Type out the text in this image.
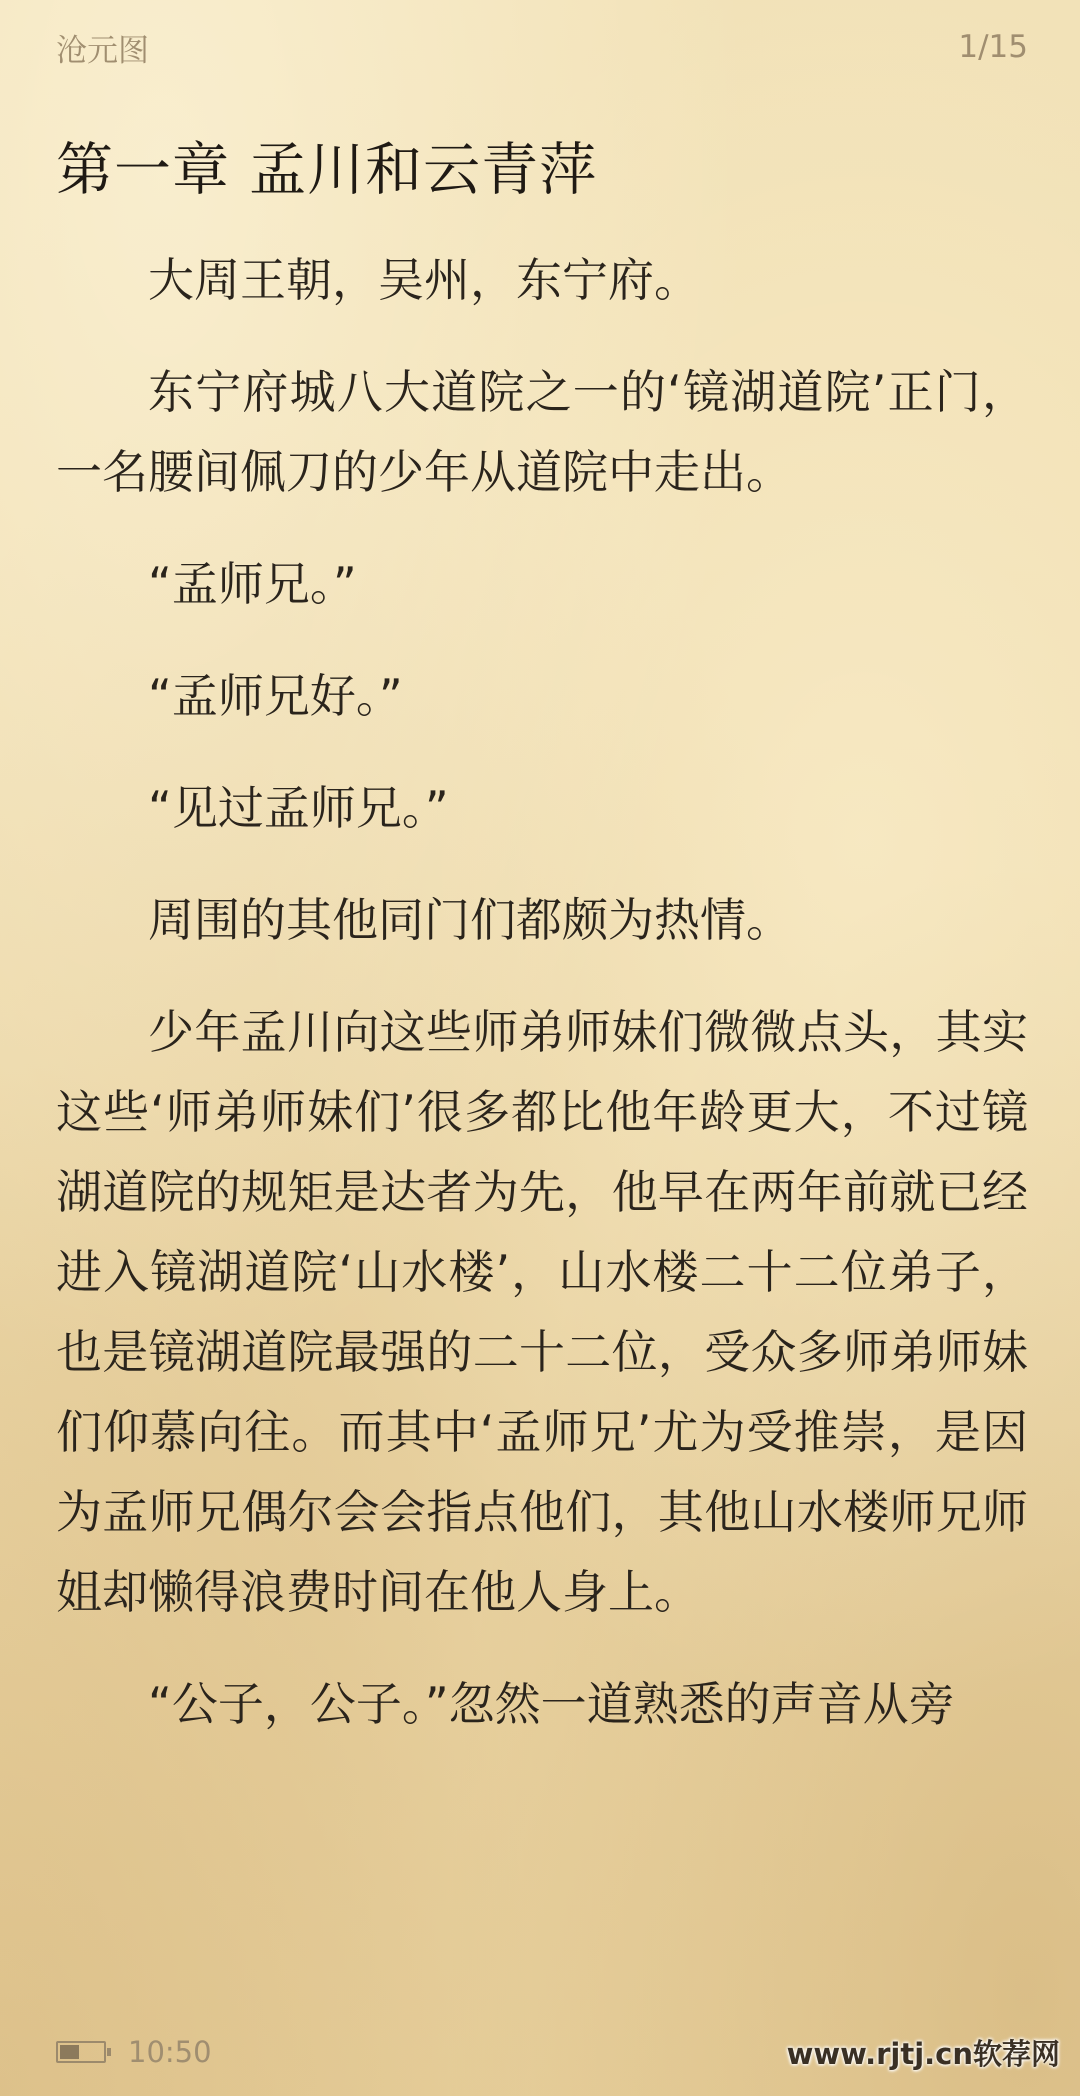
沧元图	1/15
第一章 孟川和云青萍

大周王朝，吴州，东宁府。

东宁府城八大道院之一的‘镜湖道院’正门，一名腰间佩刀的少年从道院中走出。

“孟师兄。”

“孟师兄好。”

“见过孟师兄。”

周围的其他同门们都颇为热情。

少年孟川向这些师弟师妹们微微点头，其实这些‘师弟师妹们’很多都比他年龄更大，不过镜湖道院的规矩是达者为先，他早在两年前就已经进入镜湖道院‘山水楼’，山水楼二十二位弟子，也是镜湖道院最强的二十二位，受众多师弟师妹们仰慕向往。而其中‘孟师兄’尤为受推崇，是因为孟师兄偶尔会会指点他们，其他山水楼师兄师姐却懒得浪费时间在他人身上。

“公子，公子。”忽然一道熟悉的声音从旁

10:50	www.rjtj.cn软荐网
